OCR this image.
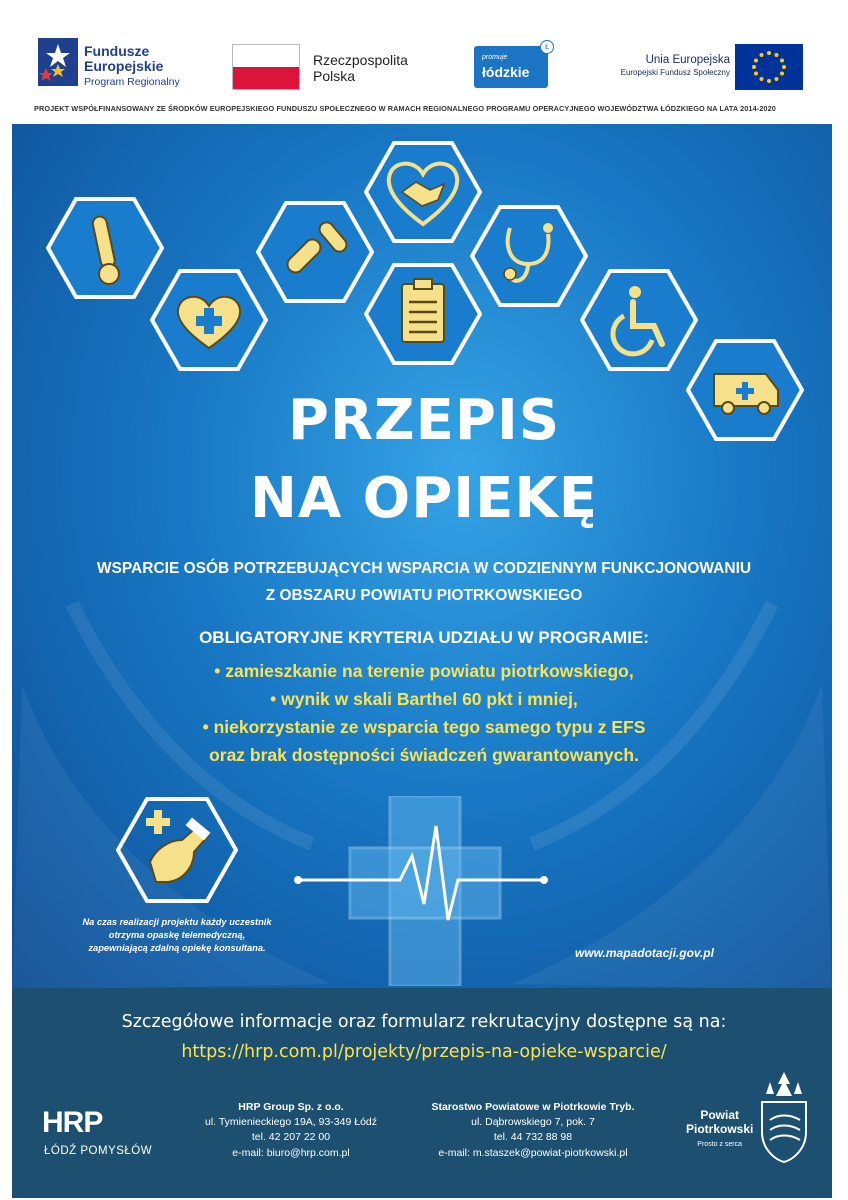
Fundusze
Europejskie
Program Regionalny
Rzeczpospolita
Polska
promuje
łódzkie
Ł
Unia Europejska
Europejski Fundusz Społeczny
PROJEKT WSPÓŁFINANSOWANY ZE ŚRODKÓW EUROPEJSKIEGO FUNDUSZU SPOŁECZNEGO W RAMACH REGIONALNEGO PROGRAMU OPERACYJNEGO WOJEWÓDZTWA ŁÓDZKIEGO NA LATA 2014-2020
PRZEPIS
NA OPIEKĘ
WSPARCIE OSÓB POTRZEBUJĄCYCH WSPARCIA W CODZIENNYM FUNKCJONOWANIU
Z OBSZARU POWIATU PIOTRKOWSKIEGO
OBLIGATORYJNE KRYTERIA UDZIAŁU W PROGRAMIE:
• zamieszkanie na terenie powiatu piotrkowskiego,
• wynik w skali Barthel 60 pkt i mniej,
• niekorzystanie ze wsparcia tego samego typu z EFS
oraz brak dostępności świadczeń gwarantowanych.
Na czas realizacji projektu każdy uczestnik
otrzyma opaskę telemedyczną,
zapewniającą zdalną opiekę konsultana.	www.mapadotacji.gov.pl
Szczegółowe informacje oraz formularz rekrutacyjny dostępne są na:
https://hrp.com.pl/projekty/przepis-na-opieke-wsparcie/
HRP
ŁÓDŹ POMYSŁÓW
HRP Group Sp. z o.o.
ul. Tymienieckiego 19A, 93-349 Łódź
tel. 42 207 22 00
e-mail: biuro@hrp.com.pl
Starostwo Powiatowe w Piotrkowie Tryb.
ul. Dąbrowskiego 7, pok. 7
tel. 44 732 88 98
e-mail: m.staszek@powiat-piotrkowski.pl
Powiat
Piotrkowski
Prosto z serca
